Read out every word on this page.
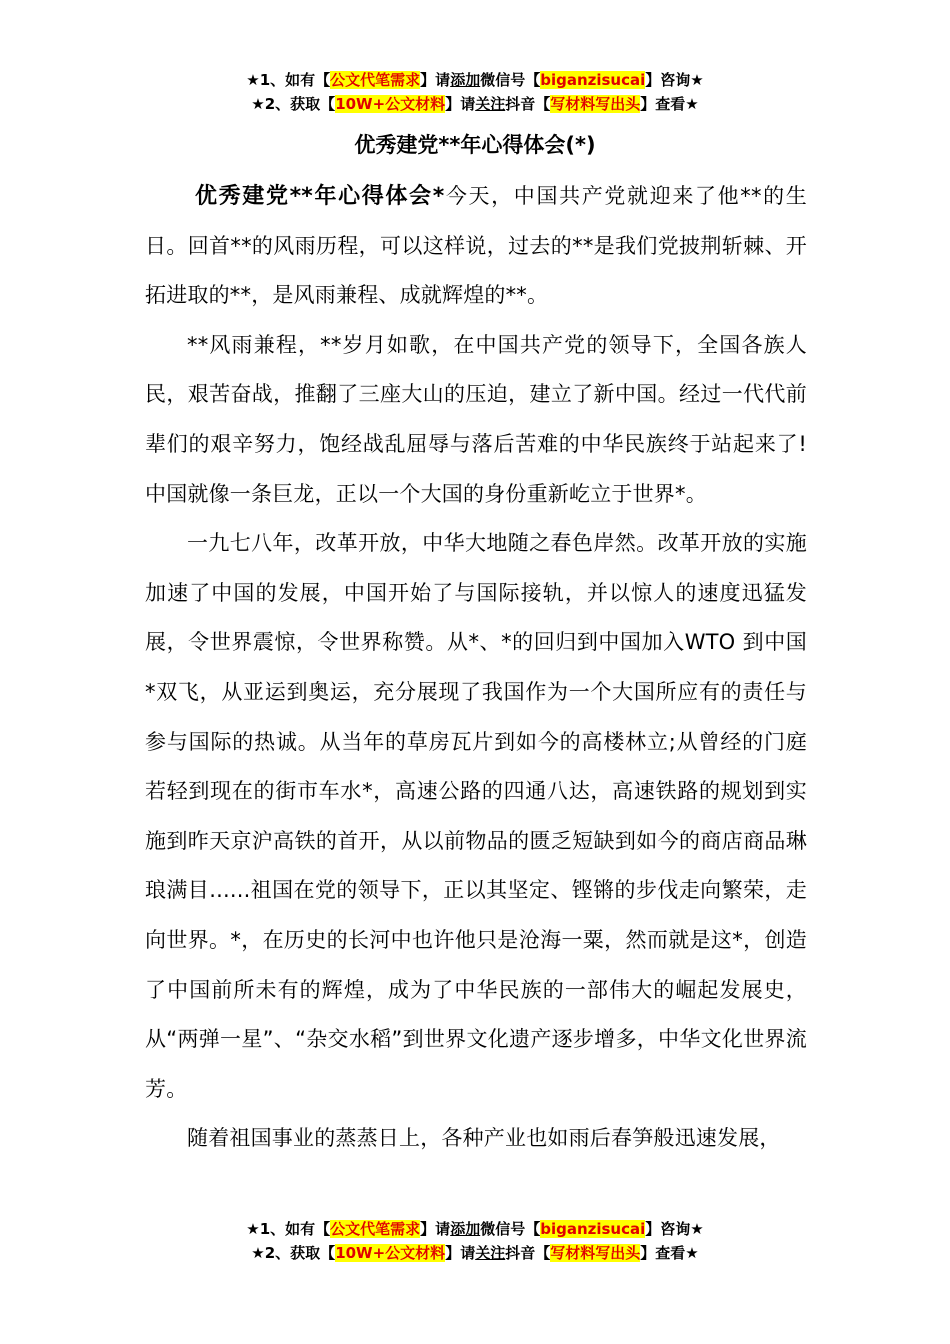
★1、如有【公文代笔需求】请添加微信号【biganzisucai】咨询★
★2、获取【10W+公文材料】请关注抖音【写材料写出头】查看★
优秀建党**年心得体会(*)

优秀建党**年心得体会*今天，中国共产党就迎来了他**的生日。回首**的风雨历程，可以这样说，过去的**是我们党披荆斩棘、开拓进取的**，是风雨兼程、成就辉煌的**。

**风雨兼程，**岁月如歌，在中国共产党的领导下，全国各族人民，艰苦奋战，推翻了三座大山的压迫，建立了新中国。经过一代代前辈们的艰辛努力，饱经战乱屈辱与落后苦难的中华民族终于站起来了!中国就像一条巨龙，正以一个大国的身份重新屹立于世界*。

一九七八年，改革开放，中华大地随之春色岸然。改革开放的实施加速了中国的发展，中国开始了与国际接轨，并以惊人的速度迅猛发展，令世界震惊，令世界称赞。从*、*的回归到中国加入WTO 到中国*双飞，从亚运到奥运，充分展现了我国作为一个大国所应有的责任与参与国际的热诚。从当年的草房瓦片到如今的高楼林立;从曾经的门庭若轻到现在的街市车水*，高速公路的四通八达，高速铁路的规划到实施到昨天京沪高铁的首开，从以前物品的匮乏短缺到如今的商店商品琳琅满目......祖国在党的领导下，正以其坚定、铿锵的步伐走向繁荣，走向世界。*，在历史的长河中也许他只是沧海一粟，然而就是这*，创造了中国前所未有的辉煌，成为了中华民族的一部伟大的崛起发展史，从“两弹一星”、“杂交水稻”到世界文化遗产逐步增多，中华文化世界流芳。

随着祖国事业的蒸蒸日上，各种产业也如雨后春笋般迅速发展，

★1、如有【公文代笔需求】请添加微信号【biganzisucai】咨询★
★2、获取【10W+公文材料】请关注抖音【写材料写出头】查看★
